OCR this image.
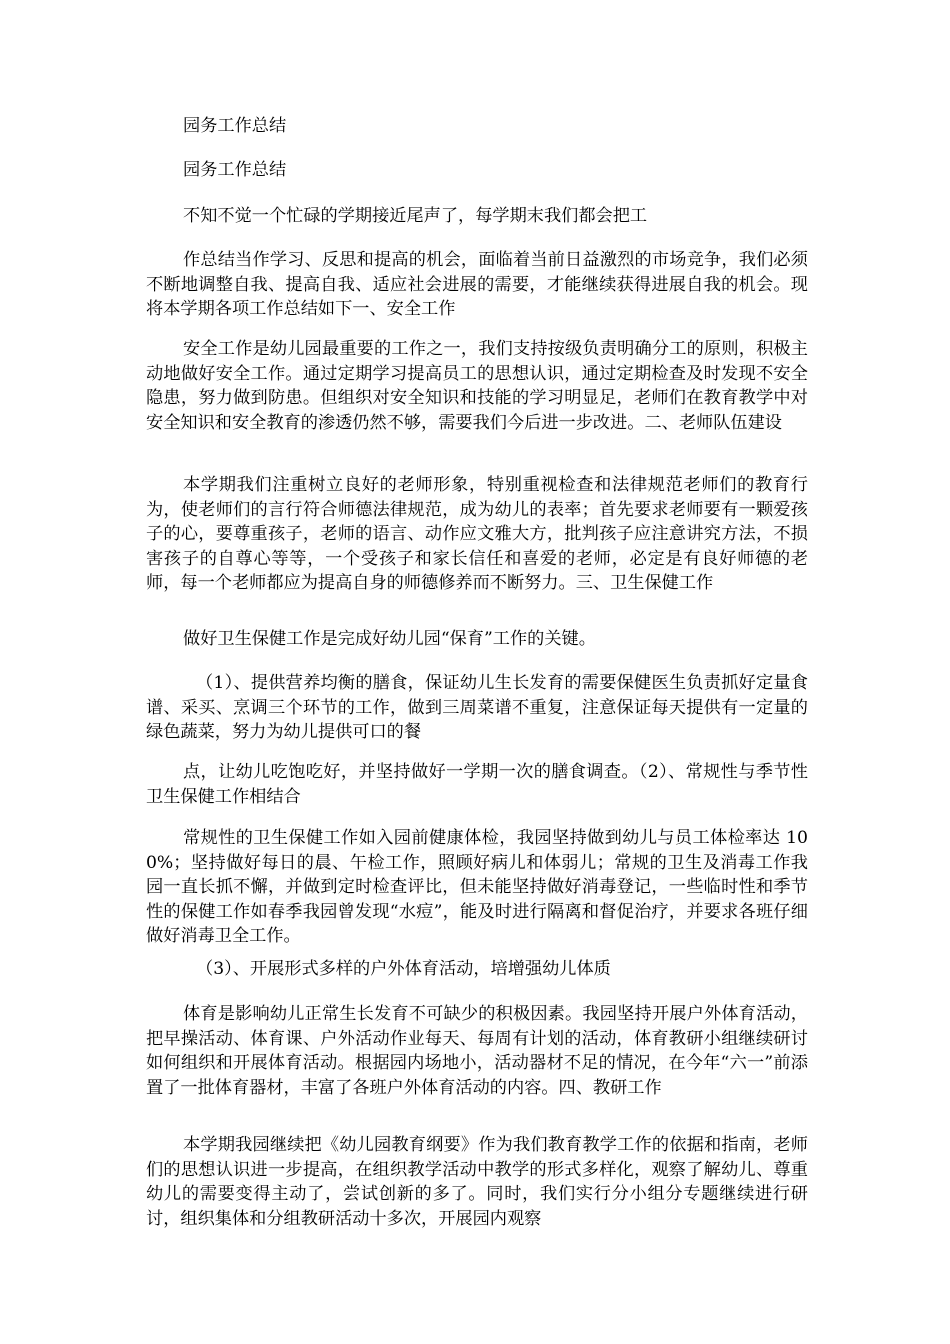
园务工作总结

园务工作总结

不知不觉一个忙碌的学期接近尾声了，每学期末我们都会把工

作总结当作学习、反思和提高的机会，面临着当前日益激烈的市场竞争，我们必须不断地调整自我、提高自我、适应社会进展的需要，才能继续获得进展自我的机会。现将本学期各项工作总结如下一、安全工作

安全工作是幼儿园最重要的工作之一，我们支持按级负责明确分工的原则，积极主动地做好安全工作。通过定期学习提高员工的思想认识，通过定期检查及时发现不安全隐患，努力做到防患。但组织对安全知识和技能的学习明显足，老师们在教育教学中对安全知识和安全教育的渗透仍然不够，需要我们今后进一步改进。二、老师队伍建设

本学期我们注重树立良好的老师形象，特别重视检查和法律规范老师们的教育行为，使老师们的言行符合师德法律规范，成为幼儿的表率；首先要求老师要有一颗爱孩子的心，要尊重孩子，老师的语言、动作应文雅大方，批判孩子应注意讲究方法，不损害孩子的自尊心等等，一个受孩子和家长信任和喜爱的老师，必定是有良好师德的老师，每一个老师都应为提高自身的师德修养而不断努力。三、卫生保健工作

做好卫生保健工作是完成好幼儿园“保育”工作的关键。

（1）、提供营养均衡的膳食，保证幼儿生长发育的需要保健医生负责抓好定量食谱、采买、烹调三个环节的工作，做到三周菜谱不重复，注意保证每天提供有一定量的绿色蔬菜，努力为幼儿提供可口的餐

点，让幼儿吃饱吃好，并坚持做好一学期一次的膳食调查。（2）、常规性与季节性卫生保健工作相结合

常规性的卫生保健工作如入园前健康体检，我园坚持做到幼儿与员工体检率达 100%；坚持做好每日的晨、午检工作，照顾好病儿和体弱儿；常规的卫生及消毒工作我园一直长抓不懈，并做到定时检查评比，但未能坚持做好消毒登记，一些临时性和季节性的保健工作如春季我园曾发现“水痘”，能及时进行隔离和督促治疗，并要求各班仔细做好消毒卫全工作。

（3）、开展形式多样的户外体育活动，培增强幼儿体质

体育是影响幼儿正常生长发育不可缺少的积极因素。我园坚持开展户外体育活动，把早操活动、体育课、户外活动作业每天、每周有计划的活动，体育教研小组继续研讨如何组织和开展体育活动。根据园内场地小，活动器材不足的情况，在今年“六一”前添置了一批体育器材，丰富了各班户外体育活动的内容。四、教研工作

本学期我园继续把《幼儿园教育纲要》作为我们教育教学工作的依据和指南，老师们的思想认识进一步提高，在组织教学活动中教学的形式多样化，观察了解幼儿、尊重幼儿的需要变得主动了，尝试创新的多了。同时，我们实行分小组分专题继续进行研讨，组织集体和分组教研活动十多次，开展园内观察
